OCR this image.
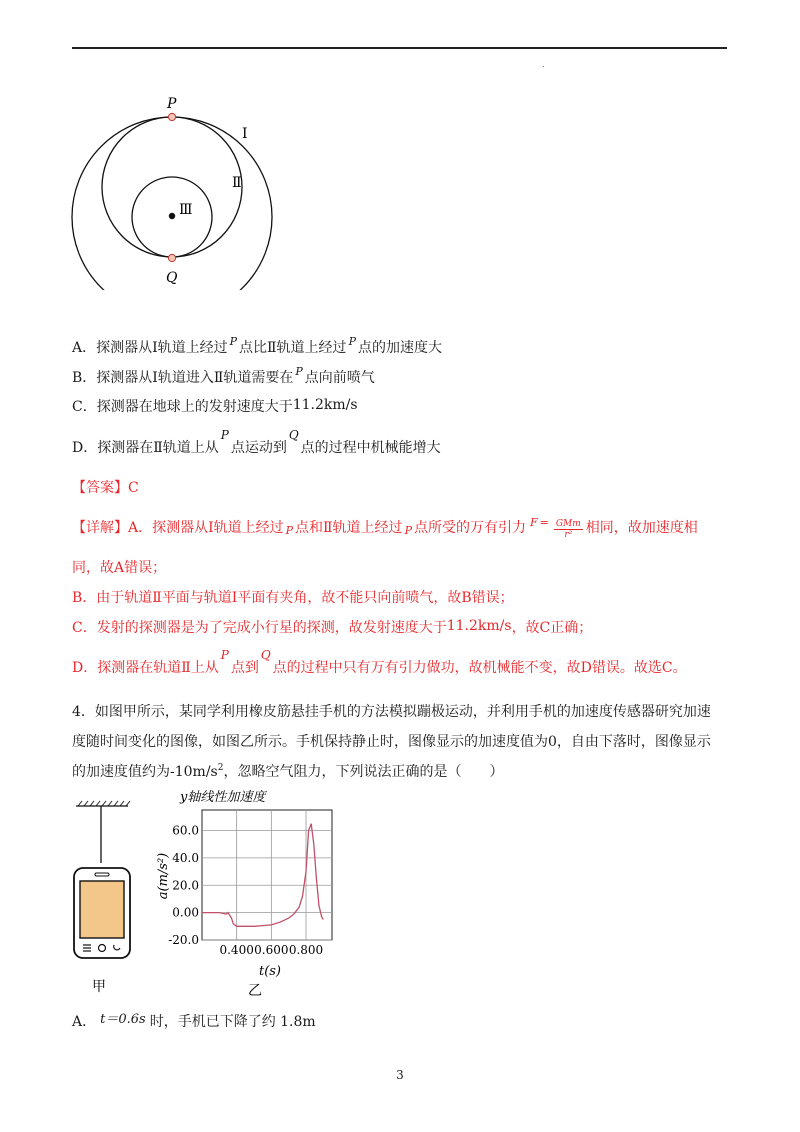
.
P
Q
Ⅰ
Ⅱ
Ⅲ
A．探测器从Ⅰ轨道上经过 P 点比Ⅱ轨道上经过 P 点的加速度大
B．探测器从Ⅰ轨道进入Ⅱ轨道需要在 P 点向前喷气
C．探测器在地球上的发射速度大于 11.2km/s
D．探测器在Ⅱ轨道上从
P
点运动到
Q
点的过程中机械能增大
【答案】C
【详解】A．探测器从Ⅰ轨道上经过 P 点和Ⅱ轨道上经过 P 点所受的万有引力 $F = \frac{\text{GMm}}{\text{r²}}$ 相同，故加速度相
同，故A错误；
B．由于轨道Ⅱ平面与轨道Ⅰ平面有夹角，故不能只向前喷气，故B错误；
C．发射的探测器是为了完成小行星的探测，故发射速度大于 11.2km/s ，故C正确；
D．探测器在轨道Ⅱ上从
P
点到
Q
点的过程中只有万有引力做功，故机械能不变，故D错误。故选C。
4．如图甲所示，某同学利用橡皮筋悬挂手机的方法模拟蹦极运动，并利用手机的加速度传感器研究加速
度随时间变化的图像，如图乙所示。手机保持静止时，图像显示的加速度值为0，自由下落时，图像显示
的加速度值约为$-10m/s^2$，忽略空气阻力，下列说法正确的是（　　）
甲
y轴线性加速度
0.400 0.600 0.800
60.0
40.0
20.0
0.00
-20.0
a(m/s²)
t(s)
乙
A． t＝0.6s 时，手机已下降了约 1.8m
3
